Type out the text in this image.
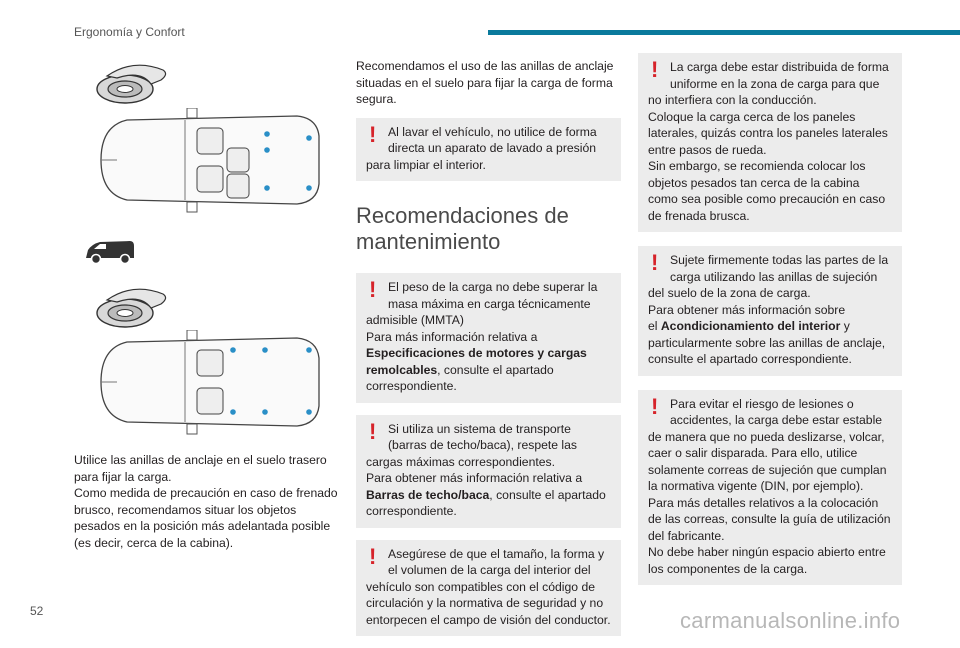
Ergonomía y Confort

Utilice las anillas de anclaje en el suelo trasero

para fijar la carga.

Como medida de precaución en caso de frenado

brusco, recomendamos situar los objetos

pesados en la posición más adelantada posible

(es decir, cerca de la cabina).

Recomendamos el uso de las anillas de anclaje situadas en el suelo para fijar la carga de forma segura.

! Al lavar el vehículo, no utilice de forma directa un aparato de lavado a presión

para limpiar el interior.

Recomendaciones de mantenimiento
! El peso de la carga no debe superar la masa máxima en carga técnicamente

admisible (MMTA)

Para más información relativa a

Especificaciones de motores y cargas remolcables, consulte el apartado correspondiente.

! Si utiliza un sistema de transporte (barras de techo/baca), respete las

cargas máximas correspondientes.

Para obtener más información relativa a

Barras de techo/baca, consulte el apartado correspondiente.

! Asegúrese de que el tamaño, la forma y el volumen de la carga del interior del

vehículo son compatibles con el código de circulación y la normativa de seguridad y no entorpecen el campo de visión del conductor.

! La carga debe estar distribuida de forma uniforme en la zona de carga para que

no interfiera con la conducción.

Coloque la carga cerca de los paneles laterales, quizás contra los paneles laterales entre pasos de rueda.

Sin embargo, se recomienda colocar los objetos pesados tan cerca de la cabina como sea posible como precaución en caso de frenada brusca.

! Sujete firmemente todas las partes de la carga utilizando las anillas de sujeción

del suelo de la zona de carga.

Para obtener más información sobre

el Acondicionamiento del interior y particularmente sobre las anillas de anclaje, consulte el apartado correspondiente.

! Para evitar el riesgo de lesiones o accidentes, la carga debe estar estable

de manera que no pueda deslizarse, volcar, caer o salir disparada. Para ello, utilice solamente correas de sujeción que cumplan la normativa vigente (DIN, por ejemplo).

Para más detalles relativos a la colocación de las correas, consulte la guía de utilización del fabricante.

No debe haber ningún espacio abierto entre los componentes de la carga.

52	carmanualsonline.info
